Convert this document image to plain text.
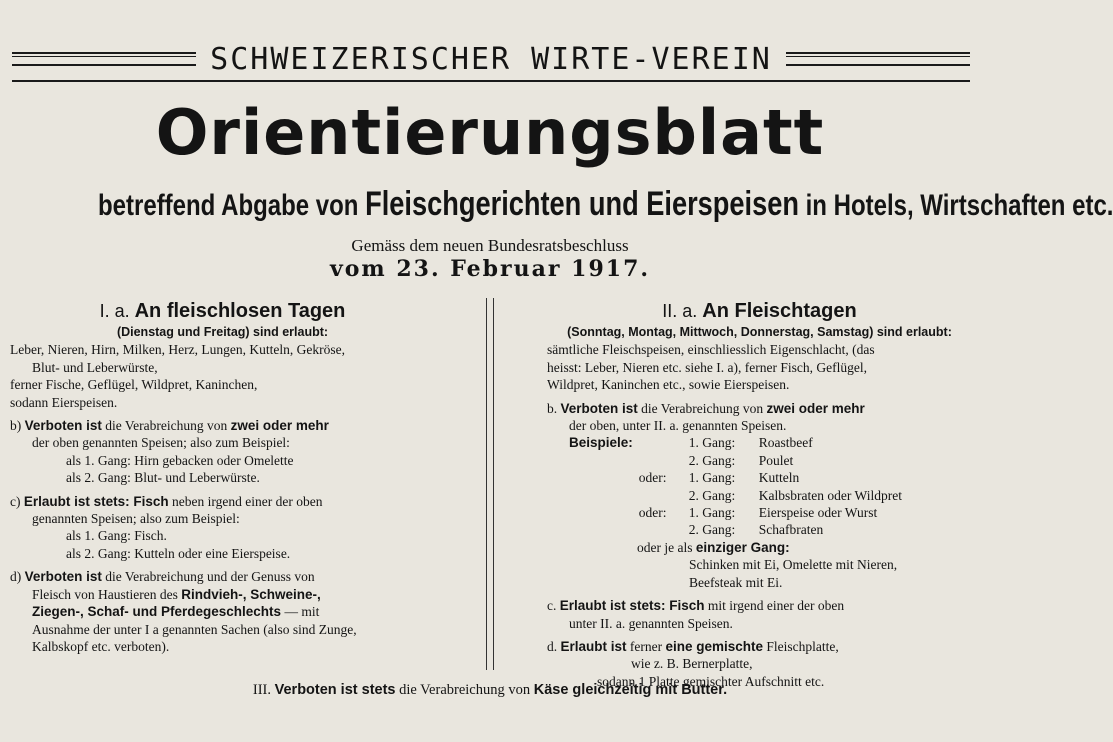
SCHWEIZERISCHER WIRTE-VEREIN
Orientierungsblatt
betreffend Abgabe von Fleischgerichten und Eierspeisen in Hotels, Wirtschaften etc.
Gemäss dem neuen Bundesratsbeschluss
vom 23. Februar 1917.

I. a. An fleischlosen Tagen

(Dienstag und Freitag) sind erlaubt:

Leber, Nieren, Hirn, Milken, Herz, Lungen, Kutteln, Gekröse,

Blut- und Leberwürste,

ferner Fische, Geflügel, Wildpret, Kaninchen,

sodann Eierspeisen.

b) Verboten ist die Verabreichung von zwei oder mehr

der oben genannten Speisen; also zum Beispiel:

als 1. Gang: Hirn gebacken oder Omelette

als 2. Gang: Blut- und Leberwürste.

c) Erlaubt ist stets: Fisch neben irgend einer der oben

genannten Speisen; also zum Beispiel:

als 1. Gang: Fisch.

als 2. Gang: Kutteln oder eine Eierspeise.

d) Verboten ist die Verabreichung und der Genuss von

Fleisch von Haustieren des Rindvieh-, Schweine-,

Ziegen-, Schaf- und Pferdegeschlechts — mit

Ausnahme der unter I a genannten Sachen (also sind Zunge,

Kalbskopf etc. verboten).

II. a. An Fleischtagen

(Sonntag, Montag, Mittwoch, Donnerstag, Samstag) sind erlaubt:

sämtliche Fleischspeisen, einschliesslich Eigenschlacht, (das

heisst: Leber, Nieren etc. siehe I. a), ferner Fisch, Geflügel,

Wildpret, Kaninchen etc., sowie Eierspeisen.

b. Verboten ist die Verabreichung von zwei oder mehr

der oben, unter II. a. genannten Speisen.

Beispiele:	1. Gang:	Roastbeef
2. Gang:	Poulet
oder:	1. Gang:	Kutteln
2. Gang:	Kalbsbraten oder Wildpret
oder:	1. Gang:	Eierspeise oder Wurst
2. Gang:	Schafbraten

oder je als einziger Gang:

Schinken mit Ei, Omelette mit Nieren,

Beefsteak mit Ei.

c. Erlaubt ist stets: Fisch mit irgend einer der oben

unter II. a. genannten Speisen.

d. Erlaubt ist ferner eine gemischte Fleischplatte,

wie z. B. Bernerplatte,

sodann 1 Platte gemischter Aufschnitt etc.

III. Verboten ist stets die Verabreichung von Käse gleichzeitig mit Butter.
